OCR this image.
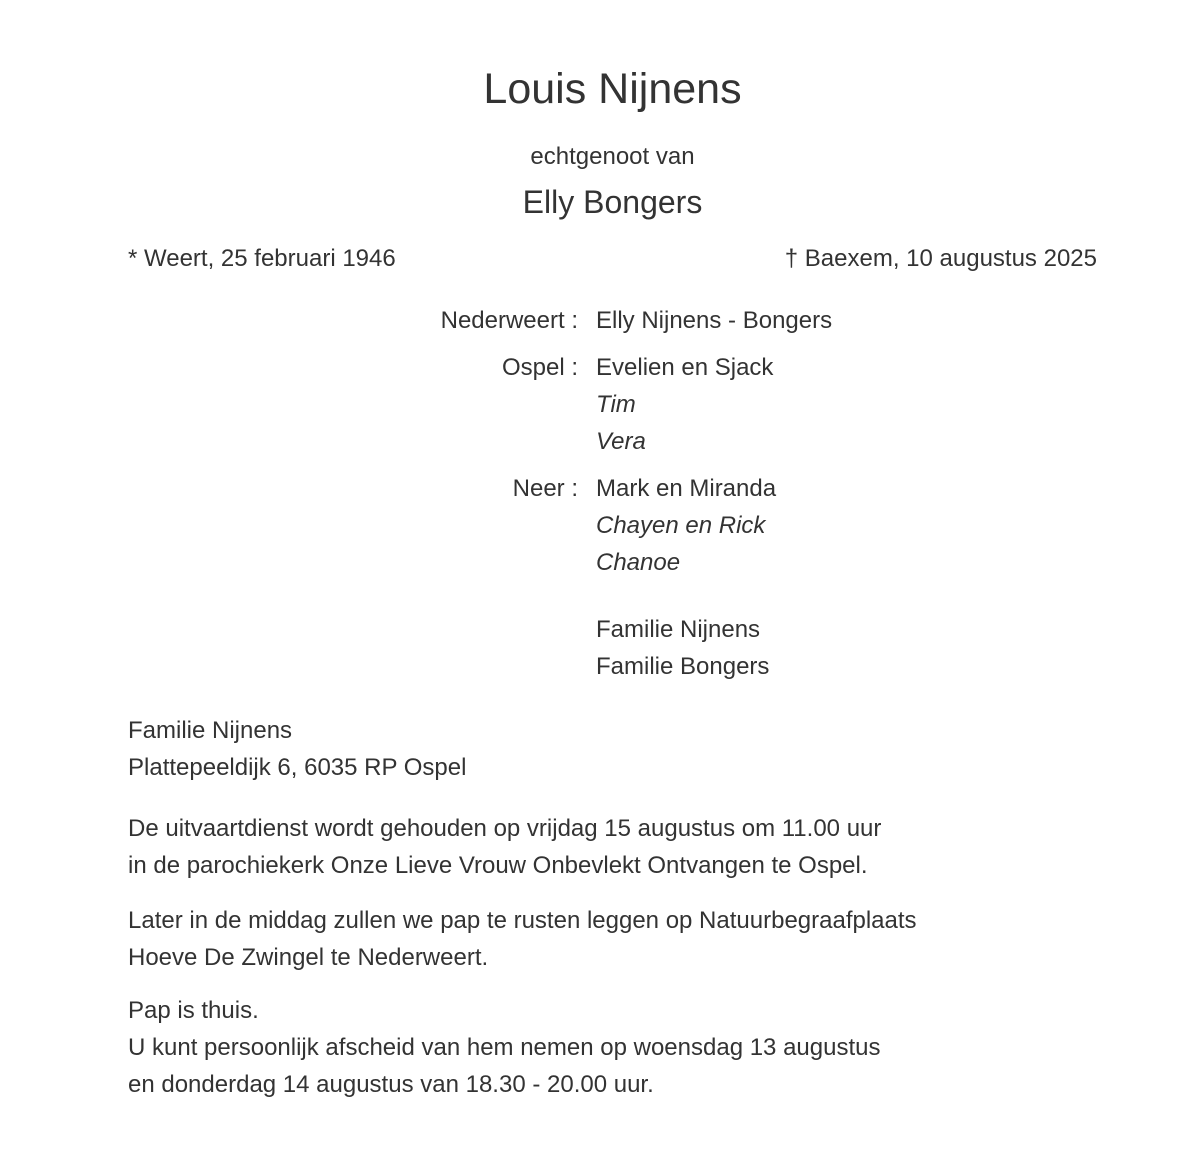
Louis Nijnens
echtgenoot van
Elly Bongers
* Weert, 25 februari 1946	† Baexem, 10 augustus 2025
Nederweert : Elly Nijnens - Bongers
Ospel : Evelien en Sjack
Tim
Vera
Neer : Mark en Miranda
Chayen en Rick
Chanoe
Familie Nijnens
Familie Bongers
Familie Nijnens
Plattepeeldijk 6, 6035 RP Ospel
De uitvaartdienst wordt gehouden op vrijdag 15 augustus om 11.00 uur
in de parochiekerk Onze Lieve Vrouw Onbevlekt Ontvangen te Ospel.
Later in de middag zullen we pap te rusten leggen op Natuurbegraafplaats
Hoeve De Zwingel te Nederweert.
Pap is thuis.
U kunt persoonlijk afscheid van hem nemen op woensdag 13 augustus
en donderdag 14 augustus van 18.30 - 20.00 uur.
